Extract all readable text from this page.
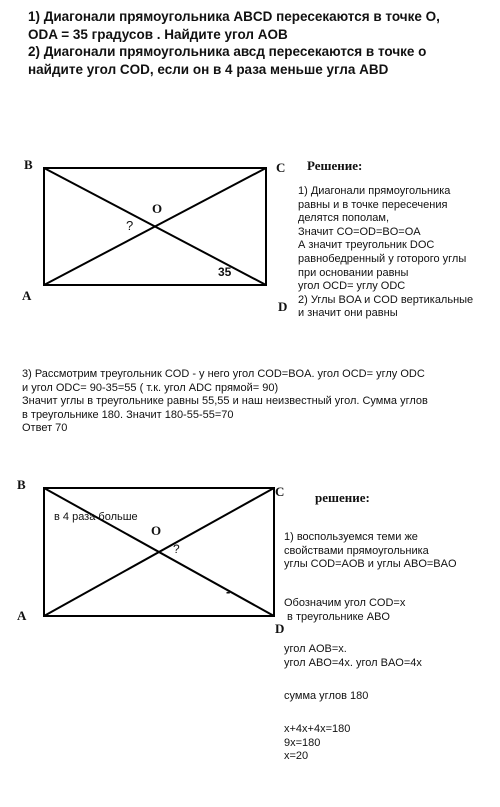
1) Диагонали прямоугольника ABCD пересекаются в точке O,
ODA = 35 градусов . Найдите угол AOB
2) Диагонали прямоугольника авсд пересекаются в точке о
найдите угол COD, если он в 4 раза меньше угла ABD
B	C
A
D
O
?
35
Решение:
1) Диагонали прямоугольника
равны и в точке пересечения
делятся пополам,
Значит CO=OD=BO=OA
А значит треугольник DOC
равнобедренный у готорого углы
при основании равны
угол OCD= углу ODC
2) Углы BOA и COD вертикальные
и значит они равны
3) Рассмотрим треугольник COD - у него угол COD=BOA. угол OCD= углу ODC
и угол ODC= 90-35=55 ( т.к. угол ADC прямой= 90)
Значит углы в треугольнике равны 55,55 и наш неизвестный угол. Сумма углов
в треугольнике 180. Значит 180-55-55=70
Ответ 70
B	C
A
D
O
?
в 4 раза больше
-
решение:
1) воспользуемся теми же
свойствами прямоугольника
углы COD=AOB и углы ABO=BAO
Обозначим угол COD=x
в треугольнике ABO
угол AOB=x.
угол ABO=4x. угол BAO=4x
сумма углов 180
x+4x+4x=180
9x=180
x=20
